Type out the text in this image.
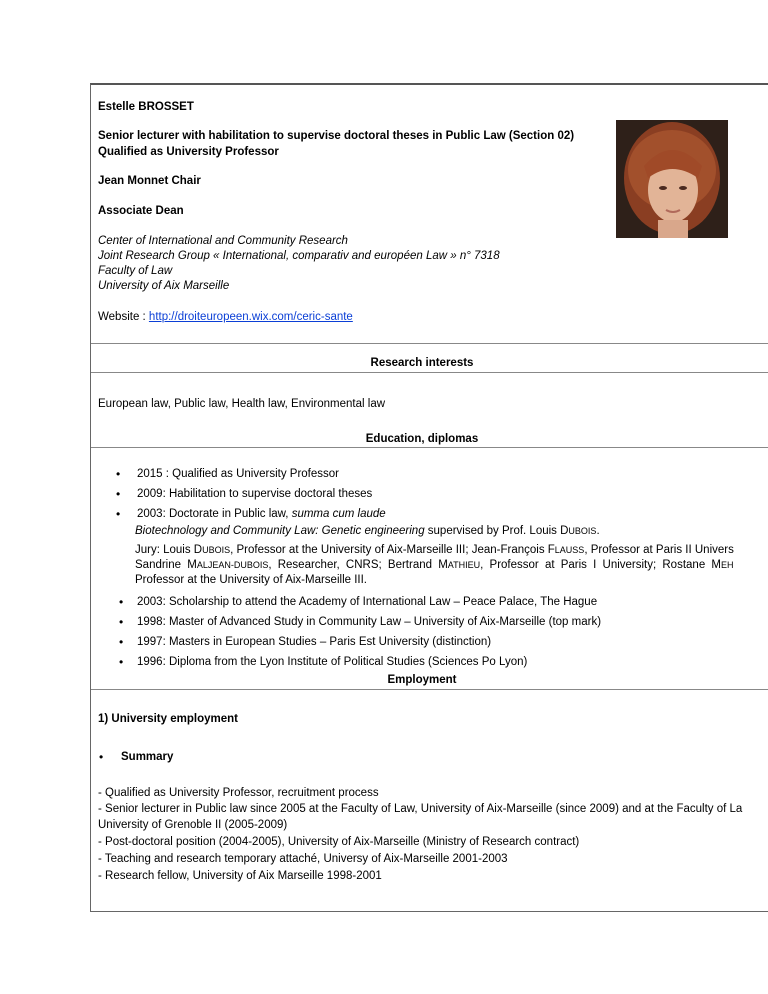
Estelle BROSSET
Senior lecturer with habilitation to supervise doctoral theses in Public Law (Section 02)
Qualified as University Professor
Jean Monnet Chair
Associate Dean
Center of International and Community Research
Joint Research Group « International, comparativ and européen Law » n° 7318
Faculty of Law
University of Aix Marseille
Website : http://droiteuropeen.wix.com/ceric-sante
Research interests
European law, Public law, Health law, Environmental law
Education, diplomas
• 2015 : Qualified as University Professor
• 2009: Habilitation to supervise doctoral theses
• 2003: Doctorate in Public law, summa cum laude
Biotechnology and Community Law: Genetic engineering supervised by Prof. Louis DUBOIS.
Jury: Louis DUBOIS, Professor at the University of Aix-Marseille III; Jean-François FLAUSS, Professor at Paris II Univers
Sandrine MALJEAN-DUBOIS, Researcher, CNRS; Bertrand MATHIEU, Professor at Paris I University; Rostane MEH
Professor at the University of Aix-Marseille III.
• 2003: Scholarship to attend the Academy of International Law – Peace Palace, The Hague
• 1998: Master of Advanced Study in Community Law – University of Aix-Marseille (top mark)
• 1997: Masters in European Studies – Paris Est University (distinction)
• 1996: Diploma from the Lyon Institute of Political Studies (Sciences Po Lyon)
Employment
1) University employment
• Summary
- Qualified as University Professor, recruitment process
- Senior lecturer in Public law since 2005 at the Faculty of Law, University of Aix-Marseille (since 2009) and at the Faculty of La
University of Grenoble II (2005-2009)
- Post-doctoral position (2004-2005), University of Aix-Marseille (Ministry of Research contract)
- Teaching and research temporary attaché, Universy of Aix-Marseille 2001-2003
- Research fellow, University of Aix Marseille 1998-2001
